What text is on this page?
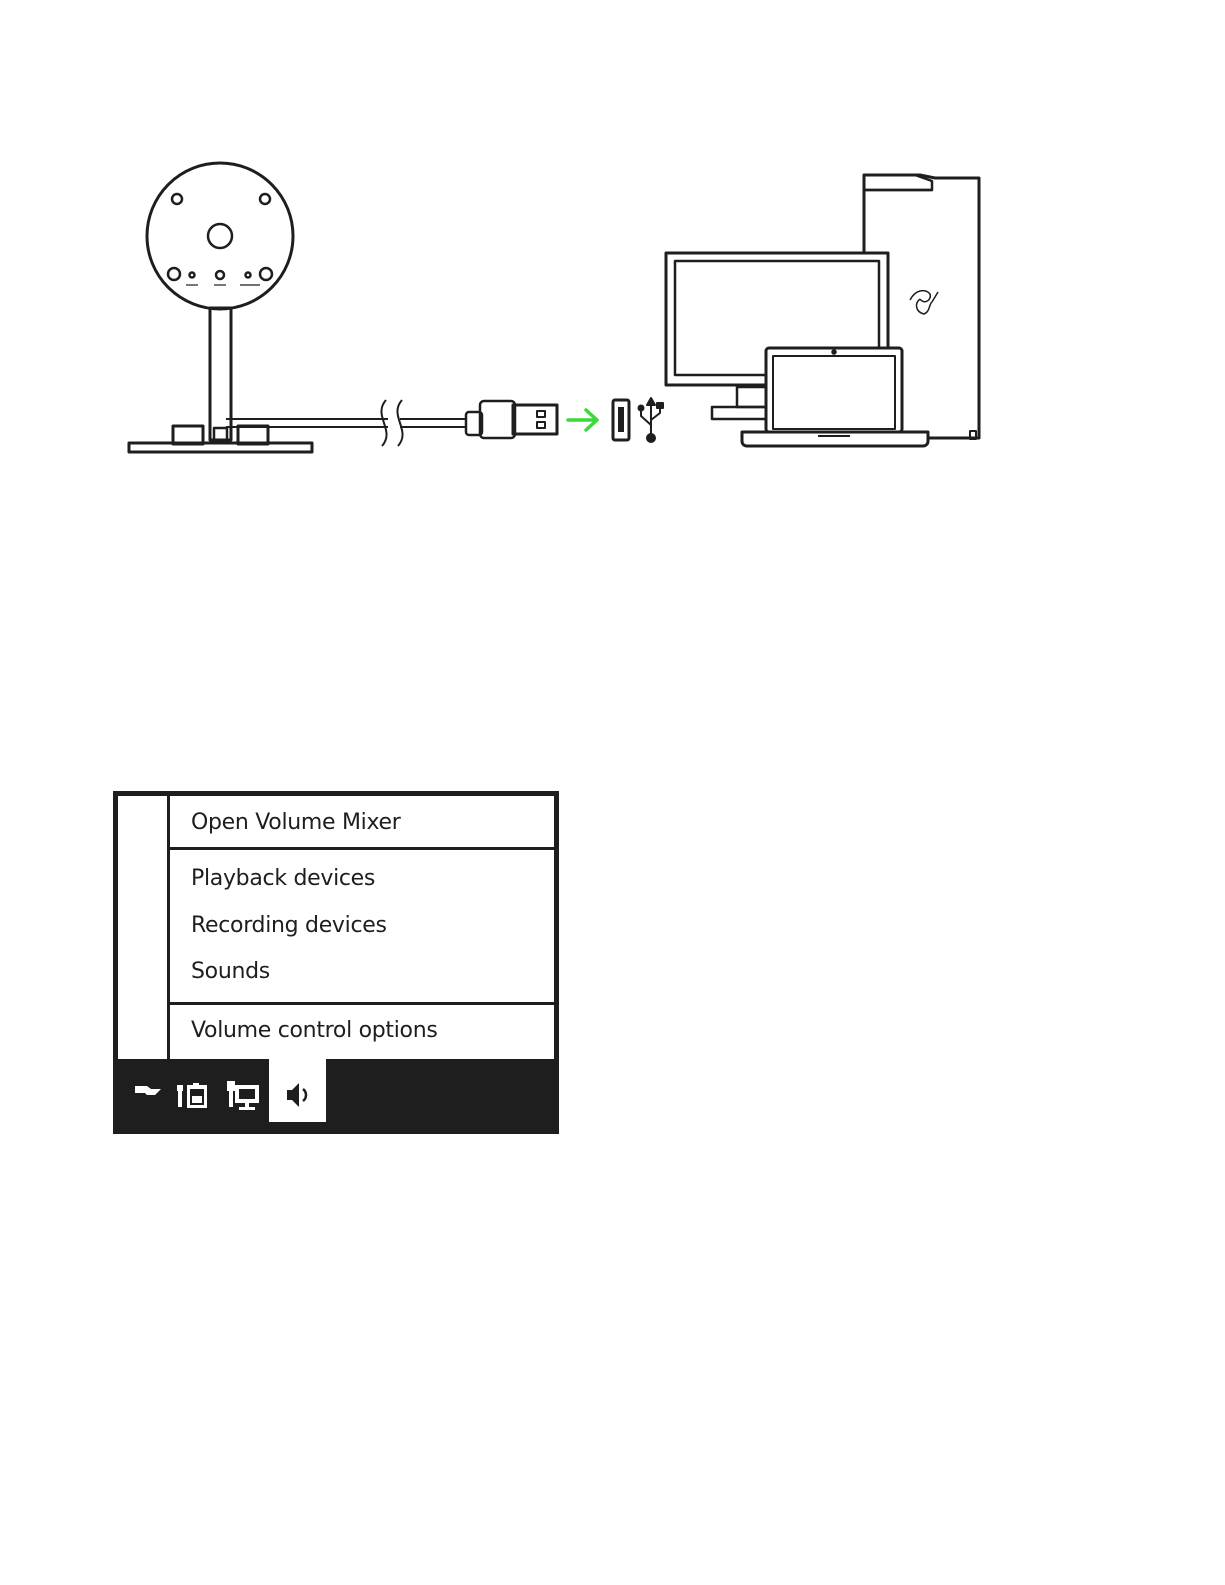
Open Volume Mixer
Playback devices
Recording devices
Sounds
Volume control options
